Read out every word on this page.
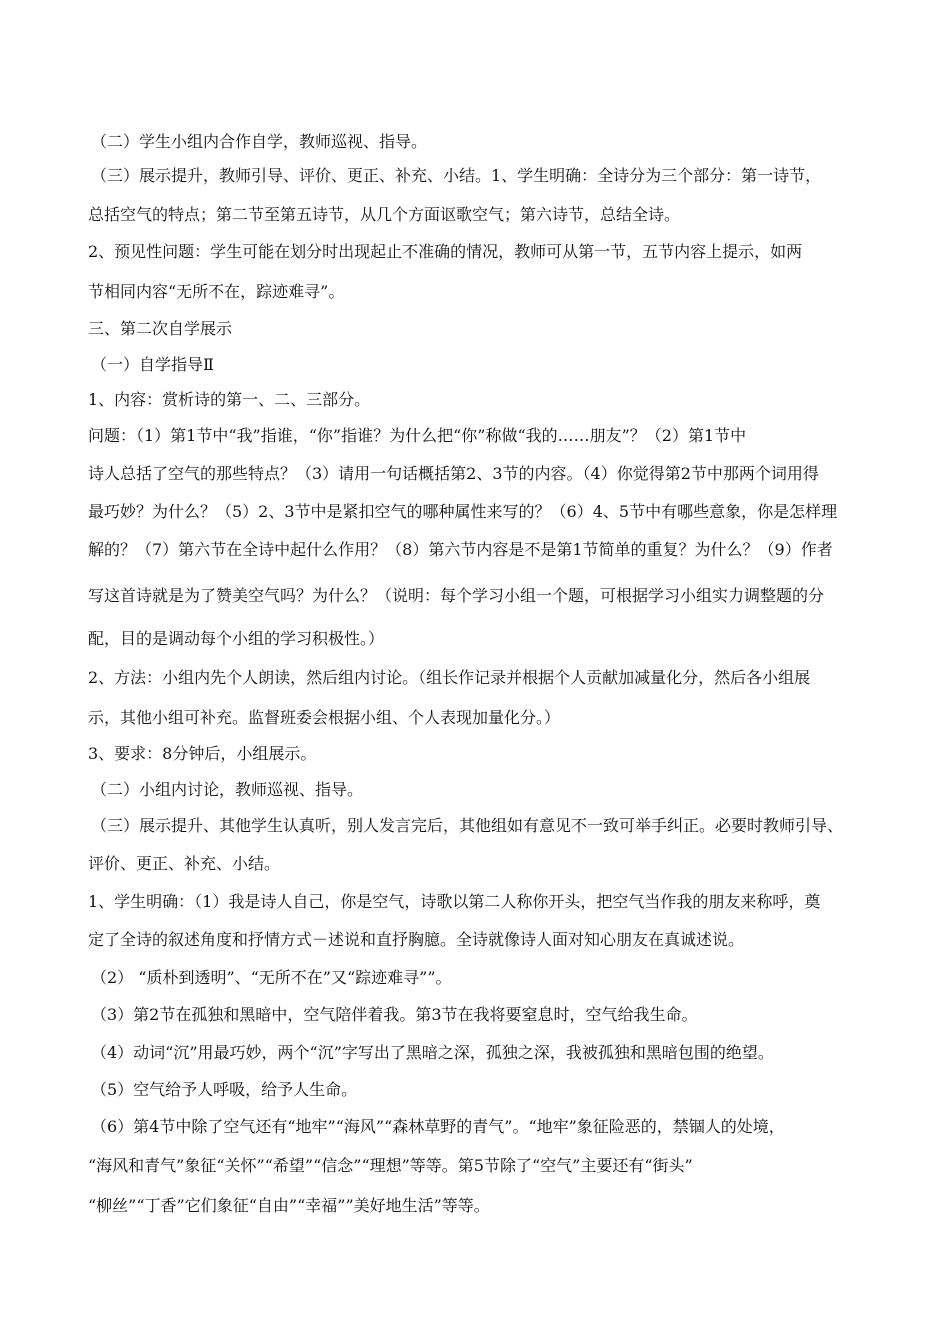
（二）学生小组内合作自学，教师巡视、指导。
（三）展示提升，教师引导、评价、更正、补充、小结。1、学生明确：全诗分为三个部分：第一诗节，
总括空气的特点；第二节至第五诗节，从几个方面讴歌空气；第六诗节，总结全诗。
2、预见性问题：学生可能在划分时出现起止不准确的情况，教师可从第一节，五节内容上提示，如两
节相同内容“无所不在，踪迹难寻”。
三、第二次自学展示
（一）自学指导Ⅱ
1、内容：赏析诗的第一、二、三部分。
问题：（1）第1节中“我”指谁，“你”指谁？为什么把“你”称做“我的……朋友”？（2）第1节中
诗人总括了空气的那些特点？（3）请用一句话概括第2、3节的内容。（4）你觉得第2节中那两个词用得
最巧妙？为什么？（5）2、3节中是紧扣空气的哪种属性来写的？（6）4、5节中有哪些意象，你是怎样理
解的？（7）第六节在全诗中起什么作用？（8）第六节内容是不是第1节简单的重复？为什么？（9）作者
写这首诗就是为了赞美空气吗？为什么？（说明：每个学习小组一个题，可根据学习小组实力调整题的分
配，目的是调动每个小组的学习积极性。）
2、方法：小组内先个人朗读，然后组内讨论。（组长作记录并根据个人贡献加减量化分，然后各小组展
示，其他小组可补充。监督班委会根据小组、个人表现加量化分。）
3、要求：8分钟后，小组展示。
（二）小组内讨论，教师巡视、指导。
（三）展示提升、其他学生认真听，别人发言完后，其他组如有意见不一致可举手纠正。必要时教师引导、
评价、更正、补充、小结。
1、学生明确：（1）我是诗人自己，你是空气，诗歌以第二人称你开头，把空气当作我的朋友来称呼，奠
定了全诗的叙述角度和抒情方式－述说和直抒胸臆。全诗就像诗人面对知心朋友在真诚述说。
（2） “质朴到透明”、“无所不在”又“踪迹难寻””。
（3）第2节在孤独和黑暗中，空气陪伴着我。第3节在我将要窒息时，空气给我生命。
（4）动词“沉”用最巧妙，两个“沉”字写出了黑暗之深，孤独之深，我被孤独和黑暗包围的绝望。
（5）空气给予人呼吸，给予人生命。
（6）第4节中除了空气还有“地牢”“海风”“森林草野的青气”。“地牢”象征险恶的，禁锢人的处境，
“海风和青气”象征“关怀”“希望”“信念”“理想”等等。第5节除了“空气”主要还有“街头”
“柳丝”“丁香”它们象征“自由”“幸福””美好地生活”等等。
